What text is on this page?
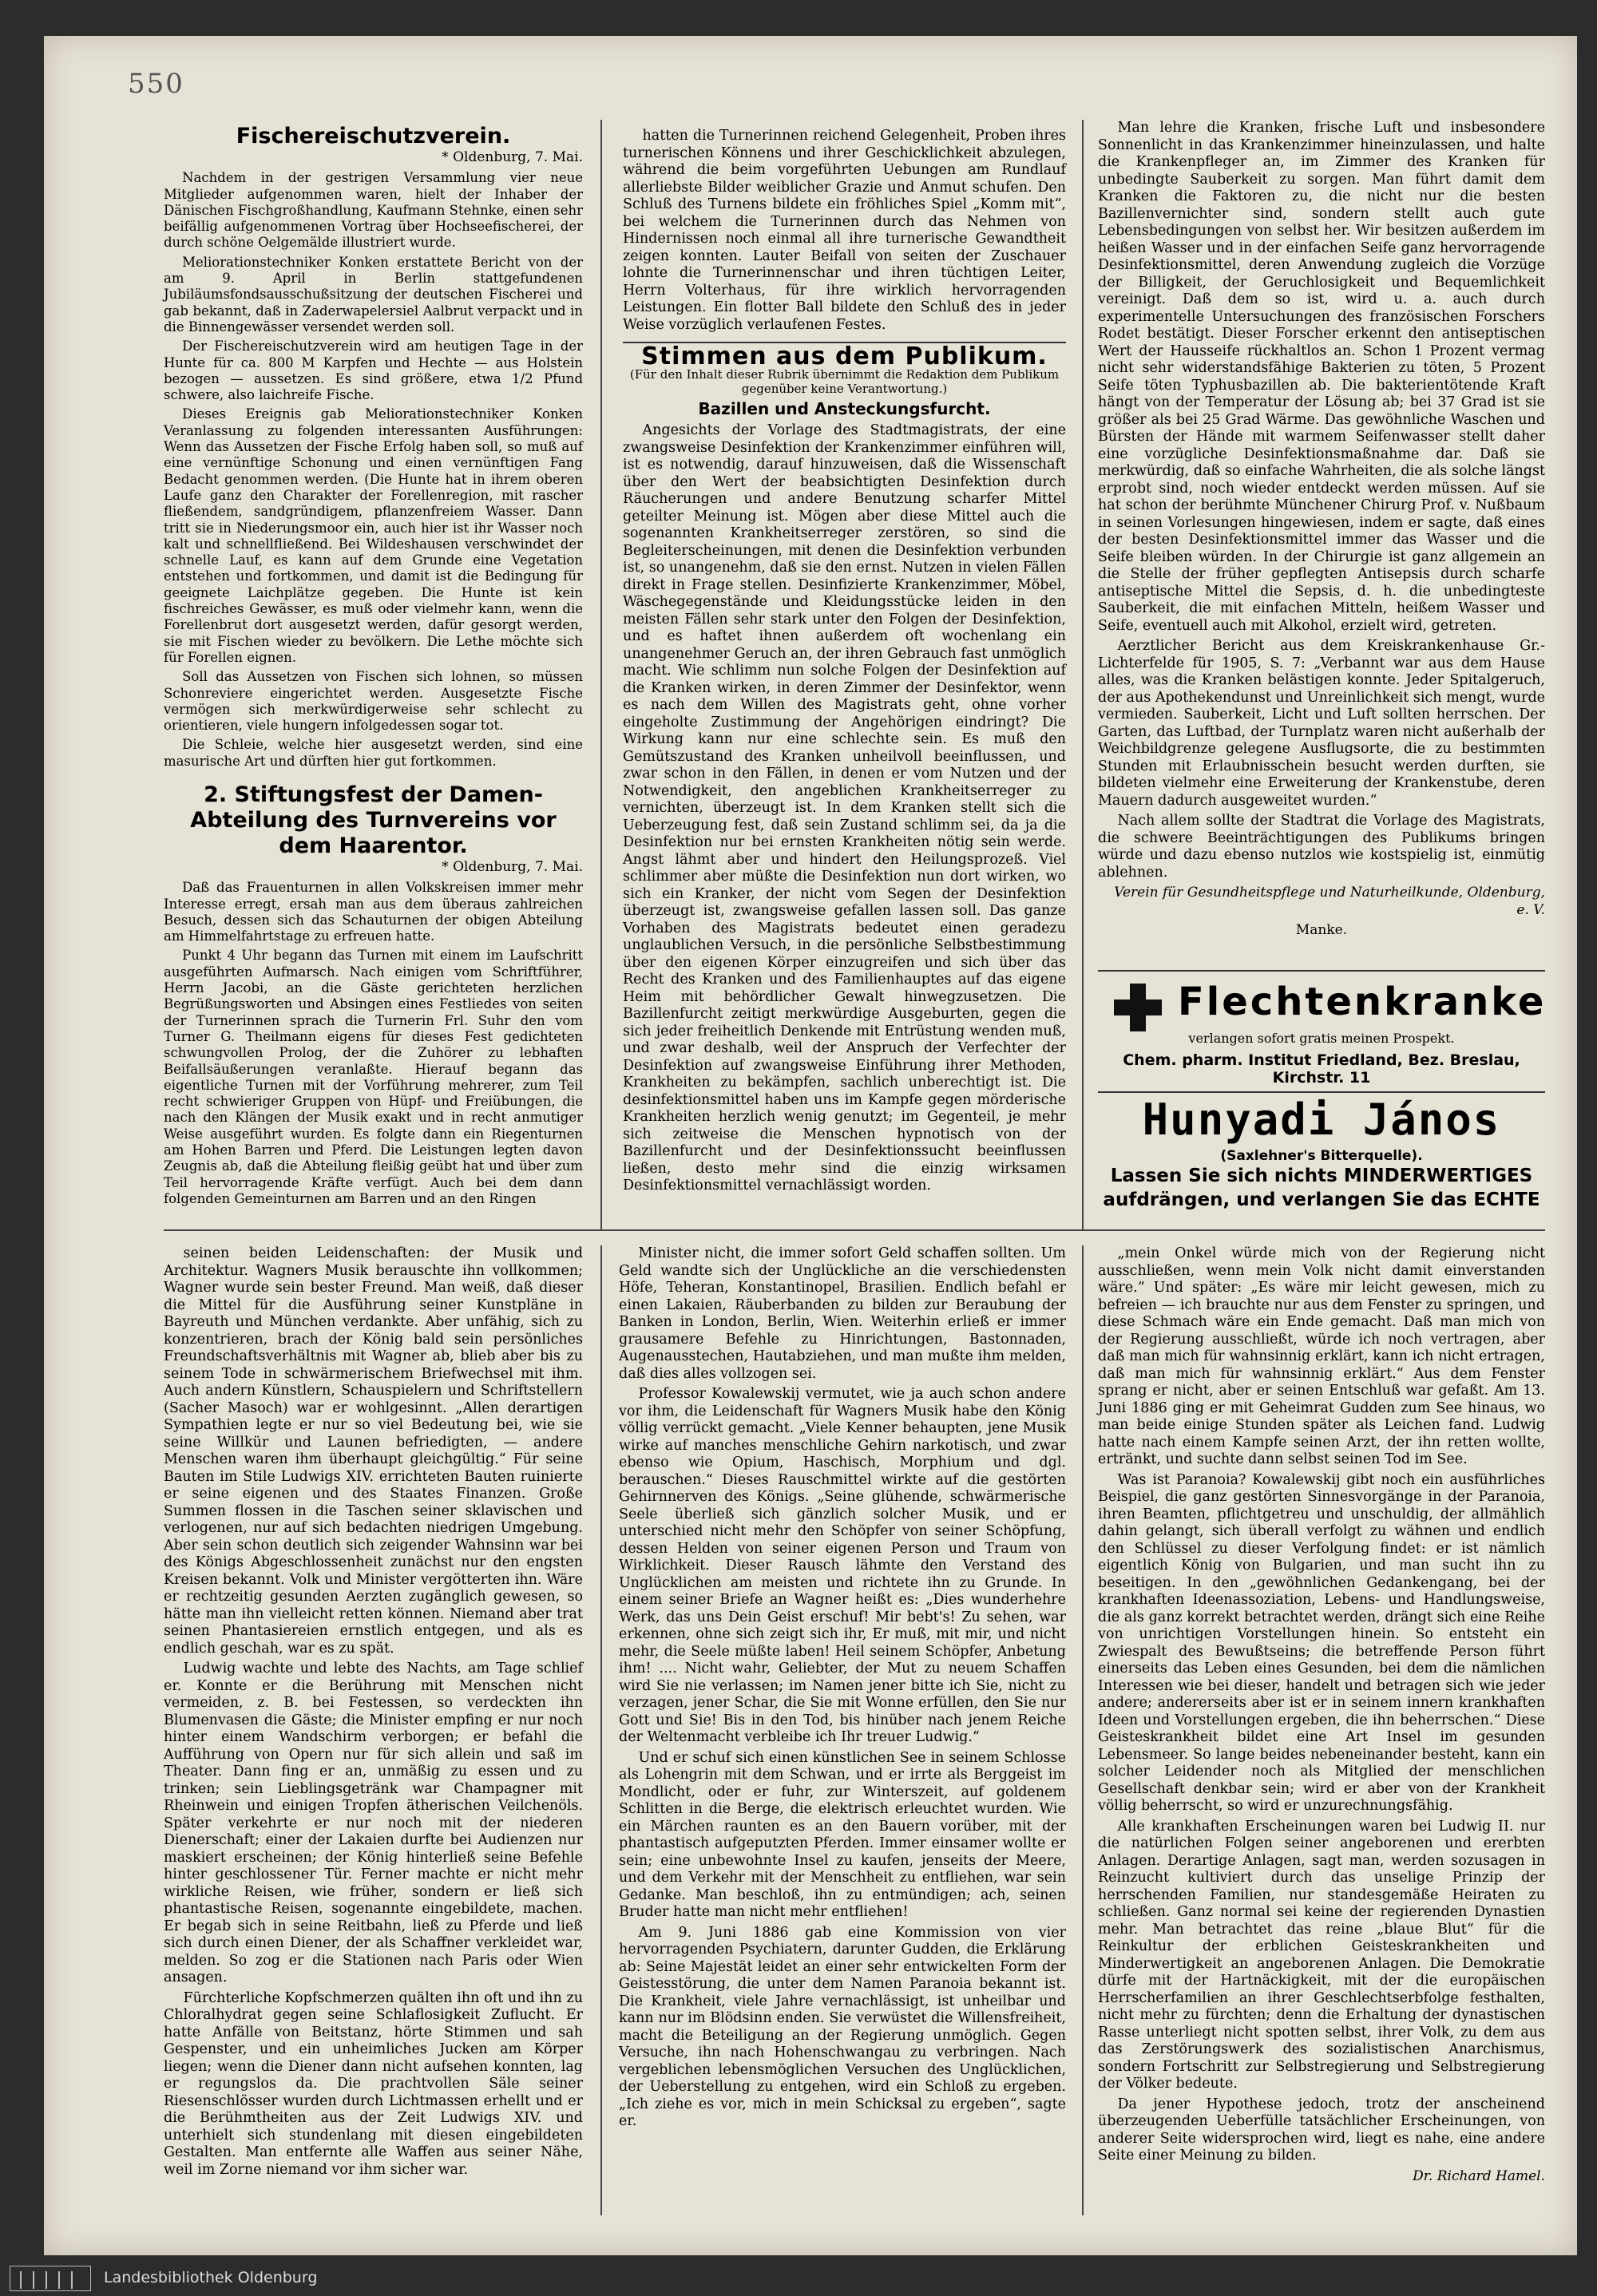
550
Fischereischutzverein.
* Oldenburg, 7. Mai.

Nachdem in der gestrigen Versammlung vier neue Mitglieder aufgenommen waren, hielt der Inhaber der Dänischen Fischgroßhandlung, Kaufmann Stehnke, einen sehr beifällig aufgenommenen Vortrag über Hochseefischerei, der durch schöne Oelgemälde illustriert wurde.

Meliorationstechniker Konken erstattete Bericht von der am 9. April in Berlin stattgefundenen Jubiläumsfondsausschußsitzung der deutschen Fischerei und gab bekannt, daß in Zaderwapelersiel Aalbrut verpackt und in die Binnengewässer versendet werden soll.

Der Fischereischutzverein wird am heutigen Tage in der Hunte für ca. 800 M Karpfen und Hechte — aus Holstein bezogen — aussetzen. Es sind größere, etwa 1/2 Pfund schwere, also laichreife Fische.

Dieses Ereignis gab Meliorationstechniker Konken Veranlassung zu folgenden interessanten Ausführungen: Wenn das Aussetzen der Fische Erfolg haben soll, so muß auf eine vernünftige Schonung und einen vernünftigen Fang Bedacht genommen werden. (Die Hunte hat in ihrem oberen Laufe ganz den Charakter der Forellenregion, mit rascher fließendem, sandgründigem, pflanzenfreiem Wasser. Dann tritt sie in Niederungsmoor ein, auch hier ist ihr Wasser noch kalt und schnellfließend. Bei Wildeshausen verschwindet der schnelle Lauf, es kann auf dem Grunde eine Vegetation entstehen und fortkommen, und damit ist die Bedingung für geeignete Laichplätze gegeben. Die Hunte ist kein fischreiches Gewässer, es muß oder vielmehr kann, wenn die Forellenbrut dort ausgesetzt werden, dafür gesorgt werden, sie mit Fischen wieder zu bevölkern. Die Lethe möchte sich für Forellen eignen.

Soll das Aussetzen von Fischen sich lohnen, so müssen Schonreviere eingerichtet werden. Ausgesetzte Fische vermögen sich merkwürdigerweise sehr schlecht zu orientieren, viele hungern infolgedessen sogar tot.

Die Schleie, welche hier ausgesetzt werden, sind eine masurische Art und dürften hier gut fortkommen.

2. Stiftungsfest der Damen-Abteilung des Turnvereins vor dem Haarentor.
* Oldenburg, 7. Mai.

Daß das Frauenturnen in allen Volkskreisen immer mehr Interesse erregt, ersah man aus dem überaus zahlreichen Besuch, dessen sich das Schauturnen der obigen Abteilung am Himmelfahrtstage zu erfreuen hatte.

Punkt 4 Uhr begann das Turnen mit einem im Laufschritt ausgeführten Aufmarsch. Nach einigen vom Schriftführer, Herrn Jacobi, an die Gäste gerichteten herzlichen Begrüßungsworten und Absingen eines Festliedes von seiten der Turnerinnen sprach die Turnerin Frl. Suhr den vom Turner G. Theilmann eigens für dieses Fest gedichteten schwungvollen Prolog, der die Zuhörer zu lebhaften Beifallsäußerungen veranlaßte. Hierauf begann das eigentliche Turnen mit der Vorführung mehrerer, zum Teil recht schwieriger Gruppen von Hüpf- und Freiübungen, die nach den Klängen der Musik exakt und in recht anmutiger Weise ausgeführt wurden. Es folgte dann ein Riegenturnen am Hohen Barren und Pferd. Die Leistungen legten davon Zeugnis ab, daß die Abteilung fleißig geübt hat und über zum Teil hervorragende Kräfte verfügt. Auch bei dem dann folgenden Gemeinturnen am Barren und an den Ringen

hatten die Turnerinnen reichend Gelegenheit, Proben ihres turnerischen Könnens und ihrer Geschicklichkeit abzulegen, während die beim vorgeführten Uebungen am Rundlauf allerliebste Bilder weiblicher Grazie und Anmut schufen. Den Schluß des Turnens bildete ein fröhliches Spiel „Komm mit“, bei welchem die Turnerinnen durch das Nehmen von Hindernissen noch einmal all ihre turnerische Gewandtheit zeigen konnten. Lauter Beifall von seiten der Zuschauer lohnte die Turnerinnenschar und ihren tüchtigen Leiter, Herrn Volterhaus, für ihre wirklich hervorragenden Leistungen. Ein flotter Ball bildete den Schluß des in jeder Weise vorzüglich verlaufenen Festes.

Stimmen aus dem Publikum.
(Für den Inhalt dieser Rubrik übernimmt die Redaktion dem Publikum gegenüber keine Verantwortung.)
Bazillen und Ansteckungsfurcht.

Angesichts der Vorlage des Stadtmagistrats, der eine zwangsweise Desinfektion der Krankenzimmer einführen will, ist es notwendig, darauf hinzuweisen, daß die Wissenschaft über den Wert der beabsichtigten Desinfektion durch Räucherungen und andere Benutzung scharfer Mittel geteilter Meinung ist. Mögen aber diese Mittel auch die sogenannten Krankheitserreger zerstören, so sind die Begleiterscheinungen, mit denen die Desinfektion verbunden ist, so unangenehm, daß sie den ernst. Nutzen in vielen Fällen direkt in Frage stellen. Desinfizierte Krankenzimmer, Möbel, Wäschegegenstände und Kleidungsstücke leiden in den meisten Fällen sehr stark unter den Folgen der Desinfektion, und es haftet ihnen außerdem oft wochenlang ein unangenehmer Geruch an, der ihren Gebrauch fast unmöglich macht. Wie schlimm nun solche Folgen der Desinfektion auf die Kranken wirken, in deren Zimmer der Desinfektor, wenn es nach dem Willen des Magistrats geht, ohne vorher eingeholte Zustimmung der Angehörigen eindringt? Die Wirkung kann nur eine schlechte sein. Es muß den Gemütszustand des Kranken unheilvoll beeinflussen, und zwar schon in den Fällen, in denen er vom Nutzen und der Notwendigkeit, den angeblichen Krankheitserreger zu vernichten, überzeugt ist. In dem Kranken stellt sich die Ueberzeugung fest, daß sein Zustand schlimm sei, da ja die Desinfektion nur bei ernsten Krankheiten nötig sein werde. Angst lähmt aber und hindert den Heilungsprozeß. Viel schlimmer aber müßte die Desinfektion nun dort wirken, wo sich ein Kranker, der nicht vom Segen der Desinfektion überzeugt ist, zwangsweise gefallen lassen soll. Das ganze Vorhaben des Magistrats bedeutet einen geradezu unglaublichen Versuch, in die persönliche Selbstbestimmung über den eigenen Körper einzugreifen und sich über das Recht des Kranken und des Familienhauptes auf das eigene Heim mit behördlicher Gewalt hinwegzusetzen. Die Bazillenfurcht zeitigt merkwürdige Ausgeburten, gegen die sich jeder freiheitlich Denkende mit Entrüstung wenden muß, und zwar deshalb, weil der Anspruch der Verfechter der Desinfektion auf zwangsweise Einführung ihrer Methoden, Krankheiten zu bekämpfen, sachlich unberechtigt ist. Die desinfektionsmittel haben uns im Kampfe gegen mörderische Krankheiten herzlich wenig genutzt; im Gegenteil, je mehr sich zeitweise die Menschen hypnotisch von der Bazillenfurcht und der Desinfektionssucht beeinflussen ließen, desto mehr sind die einzig wirksamen Desinfektionsmittel vernachlässigt worden.

Man lehre die Kranken, frische Luft und insbesondere Sonnenlicht in das Krankenzimmer hineinzulassen, und halte die Krankenpfleger an, im Zimmer des Kranken für unbedingte Sauberkeit zu sorgen. Man führt damit dem Kranken die Faktoren zu, die nicht nur die besten Bazillenvernichter sind, sondern stellt auch gute Lebensbedingungen von selbst her. Wir besitzen außerdem im heißen Wasser und in der einfachen Seife ganz hervorragende Desinfektionsmittel, deren Anwendung zugleich die Vorzüge der Billigkeit, der Geruchlosigkeit und Bequemlichkeit vereinigt. Daß dem so ist, wird u. a. auch durch experimentelle Untersuchungen des französischen Forschers Rodet bestätigt. Dieser Forscher erkennt den antiseptischen Wert der Hausseife rückhaltlos an. Schon 1 Prozent vermag nicht sehr widerstandsfähige Bakterien zu töten, 5 Prozent Seife töten Typhusbazillen ab. Die bakterientötende Kraft hängt von der Temperatur der Lösung ab; bei 37 Grad ist sie größer als bei 25 Grad Wärme. Das gewöhnliche Waschen und Bürsten der Hände mit warmem Seifenwasser stellt daher eine vorzügliche Desinfektionsmaßnahme dar. Daß sie merkwürdig, daß so einfache Wahrheiten, die als solche längst erprobt sind, noch wieder entdeckt werden müssen. Auf sie hat schon der berühmte Münchener Chirurg Prof. v. Nußbaum in seinen Vorlesungen hingewiesen, indem er sagte, daß eines der besten Desinfektionsmittel immer das Wasser und die Seife bleiben würden. In der Chirurgie ist ganz allgemein an die Stelle der früher gepflegten Antisepsis durch scharfe antiseptische Mittel die Sepsis, d. h. die unbedingteste Sauberkeit, die mit einfachen Mitteln, heißem Wasser und Seife, eventuell auch mit Alkohol, erzielt wird, getreten.

Aerztlicher Bericht aus dem Kreiskrankenhause Gr.-Lichterfelde für 1905, S. 7: „Verbannt war aus dem Hause alles, was die Kranken belästigen konnte. Jeder Spitalgeruch, der aus Apothekendunst und Unreinlichkeit sich mengt, wurde vermieden. Sauberkeit, Licht und Luft sollten herrschen. Der Garten, das Luftbad, der Turnplatz waren nicht außerhalb der Weichbildgrenze gelegene Ausflugsorte, die zu bestimmten Stunden mit Erlaubnisschein besucht werden durften, sie bildeten vielmehr eine Erweiterung der Krankenstube, deren Mauern dadurch ausgeweitet wurden.“

Nach allem sollte der Stadtrat die Vorlage des Magistrats, die schwere Beeinträchtigungen des Publikums bringen würde und dazu ebenso nutzlos wie kostspielig ist, einmütig ablehnen.

Verein für Gesundheitspflege und Naturheilkunde, Oldenburg, e. V.
Manke.
Flechtenkranke
verlangen sofort gratis meinen Prospekt.
Chem. pharm. Institut Friedland, Bez. Breslau, Kirchstr. 11
Hunyadi János
(Saxlehner's Bitterquelle).
Lassen Sie sich nichts MINDERWERTIGES
aufdrängen, und verlangen Sie das ECHTE

seinen beiden Leidenschaften: der Musik und Architektur. Wagners Musik berauschte ihn vollkommen; Wagner wurde sein bester Freund. Man weiß, daß dieser die Mittel für die Ausführung seiner Kunstpläne in Bayreuth und München verdankte. Aber unfähig, sich zu konzentrieren, brach der König bald sein persönliches Freundschaftsverhältnis mit Wagner ab, blieb aber bis zu seinem Tode in schwärmerischem Briefwechsel mit ihm. Auch andern Künstlern, Schauspielern und Schriftstellern (Sacher Masoch) war er wohlgesinnt. „Allen derartigen Sympathien legte er nur so viel Bedeutung bei, wie sie seine Willkür und Launen befriedigten, — andere Menschen waren ihm überhaupt gleichgültig.“ Für seine Bauten im Stile Ludwigs XIV. errichteten Bauten ruinierte er seine eigenen und des Staates Finanzen. Große Summen flossen in die Taschen seiner sklavischen und verlogenen, nur auf sich bedachten niedrigen Umgebung. Aber sein schon deutlich sich zeigender Wahnsinn war bei des Königs Abgeschlossenheit zunächst nur den engsten Kreisen bekannt. Volk und Minister vergötterten ihn. Wäre er rechtzeitig gesunden Aerzten zugänglich gewesen, so hätte man ihn vielleicht retten können. Niemand aber trat seinen Phantasiereien ernstlich entgegen, und als es endlich geschah, war es zu spät.

Ludwig wachte und lebte des Nachts, am Tage schlief er. Konnte er die Berührung mit Menschen nicht vermeiden, z. B. bei Festessen, so verdeckten ihn Blumenvasen die Gäste; die Minister empfing er nur noch hinter einem Wandschirm verborgen; er befahl die Aufführung von Opern nur für sich allein und saß im Theater. Dann fing er an, unmäßig zu essen und zu trinken; sein Lieblingsgetränk war Champagner mit Rheinwein und einigen Tropfen ätherischen Veilchenöls. Später verkehrte er nur noch mit der niederen Dienerschaft; einer der Lakaien durfte bei Audienzen nur maskiert erscheinen; der König hinterließ seine Befehle hinter geschlossener Tür. Ferner machte er nicht mehr wirkliche Reisen, wie früher, sondern er ließ sich phantastische Reisen, sogenannte eingebildete, machen. Er begab sich in seine Reitbahn, ließ zu Pferde und ließ sich durch einen Diener, der als Schaffner verkleidet war, melden. So zog er die Stationen nach Paris oder Wien ansagen.

Fürchterliche Kopfschmerzen quälten ihn oft und ihn zu Chloralhydrat gegen seine Schlaflosigkeit Zuflucht. Er hatte Anfälle von Beitstanz, hörte Stimmen und sah Gespenster, und ein unheimliches Jucken am Körper liegen; wenn die Diener dann nicht aufsehen konnten, lag er regungslos da. Die prachtvollen Säle seiner Riesenschlösser wurden durch Lichtmassen erhellt und er die Berühmtheiten aus der Zeit Ludwigs XIV. und unterhielt sich stundenlang mit diesen eingebildeten Gestalten. Man entfernte alle Waffen aus seiner Nähe, weil im Zorne niemand vor ihm sicher war.

Minister nicht, die immer sofort Geld schaffen sollten. Um Geld wandte sich der Unglückliche an die verschiedensten Höfe, Teheran, Konstantinopel, Brasilien. Endlich befahl er einen Lakaien, Räuberbanden zu bilden zur Beraubung der Banken in London, Berlin, Wien. Weiterhin erließ er immer grausamere Befehle zu Hinrichtungen, Bastonnaden, Augenausstechen, Hautabziehen, und man mußte ihm melden, daß dies alles vollzogen sei.

Professor Kowalewskij vermutet, wie ja auch schon andere vor ihm, die Leidenschaft für Wagners Musik habe den König völlig verrückt gemacht. „Viele Kenner behaupten, jene Musik wirke auf manches menschliche Gehirn narkotisch, und zwar ebenso wie Opium, Haschisch, Morphium und dgl. berauschen.“ Dieses Rauschmittel wirkte auf die gestörten Gehirnnerven des Königs. „Seine glühende, schwärmerische Seele überließ sich gänzlich solcher Musik, und er unterschied nicht mehr den Schöpfer von seiner Schöpfung, dessen Helden von seiner eigenen Person und Traum von Wirklichkeit. Dieser Rausch lähmte den Verstand des Unglücklichen am meisten und richtete ihn zu Grunde. In einem seiner Briefe an Wagner heißt es: „Dies wunderhehre Werk, das uns Dein Geist erschuf! Mir bebt's! Zu sehen, war erkennen, ohne sich zeigt sich ihr, Er muß, mit mir, und nicht mehr, die Seele müßte laben! Heil seinem Schöpfer, Anbetung ihm! .... Nicht wahr, Geliebter, der Mut zu neuem Schaffen wird Sie nie verlassen; im Namen jener bitte ich Sie, nicht zu verzagen, jener Schar, die Sie mit Wonne erfüllen, den Sie nur Gott und Sie! Bis in den Tod, bis hinüber nach jenem Reiche der Weltenmacht verbleibe ich Ihr treuer Ludwig.“

Und er schuf sich einen künstlichen See in seinem Schlosse als Lohengrin mit dem Schwan, und er irrte als Berggeist im Mondlicht, oder er fuhr, zur Winterszeit, auf goldenem Schlitten in die Berge, die elektrisch erleuchtet wurden. Wie ein Märchen raunten es an den Bauern vorüber, mit der phantastisch aufgeputzten Pferden. Immer einsamer wollte er sein; eine unbewohnte Insel zu kaufen, jenseits der Meere, und dem Verkehr mit der Menschheit zu entfliehen, war sein Gedanke. Man beschloß, ihn zu entmündigen; ach, seinen Bruder hatte man nicht mehr entfliehen!

Am 9. Juni 1886 gab eine Kommission von vier hervorragenden Psychiatern, darunter Gudden, die Erklärung ab: Seine Majestät leidet an einer sehr entwickelten Form der Geistesstörung, die unter dem Namen Paranoia bekannt ist. Die Krankheit, viele Jahre vernachlässigt, ist unheilbar und kann nur im Blödsinn enden. Sie verwüstet die Willensfreiheit, macht die Beteiligung an der Regierung unmöglich. Gegen Versuche, ihn nach Hohenschwangau zu verbringen. Nach vergeblichen lebensmöglichen Versuchen des Unglücklichen, der Ueberstellung zu entgehen, wird ein Schloß zu ergeben. „Ich ziehe es vor, mich in mein Schicksal zu ergeben“, sagte er.

„mein Onkel würde mich von der Regierung nicht ausschließen, wenn mein Volk nicht damit einverstanden wäre.“ Und später: „Es wäre mir leicht gewesen, mich zu befreien — ich brauchte nur aus dem Fenster zu springen, und diese Schmach wäre ein Ende gemacht. Daß man mich von der Regierung ausschließt, würde ich noch vertragen, aber daß man mich für wahnsinnig erklärt, kann ich nicht ertragen, daß man mich für wahnsinnig erklärt.“ Aus dem Fenster sprang er nicht, aber er seinen Entschluß war gefaßt. Am 13. Juni 1886 ging er mit Geheimrat Gudden zum See hinaus, wo man beide einige Stunden später als Leichen fand. Ludwig hatte nach einem Kampfe seinen Arzt, der ihn retten wollte, ertränkt, und suchte dann selbst seinen Tod im See.

Was ist Paranoia? Kowalewskij gibt noch ein ausführliches Beispiel, die ganz gestörten Sinnesvorgänge in der Paranoia, ihren Beamten, pflichtgetreu und unschuldig, der allmählich dahin gelangt, sich überall verfolgt zu wähnen und endlich den Schlüssel zu dieser Verfolgung findet: er ist nämlich eigentlich König von Bulgarien, und man sucht ihn zu beseitigen. In den „gewöhnlichen Gedankengang, bei der krankhaften Ideenassoziation, Lebens- und Handlungsweise, die als ganz korrekt betrachtet werden, drängt sich eine Reihe von unrichtigen Vorstellungen hinein. So entsteht ein Zwiespalt des Bewußtseins; die betreffende Person führt einerseits das Leben eines Gesunden, bei dem die nämlichen Interessen wie bei dieser, handelt und betragen sich wie jeder andere; andererseits aber ist er in seinem innern krankhaften Ideen und Vorstellungen ergeben, die ihn beherrschen.“ Diese Geisteskrankheit bildet eine Art Insel im gesunden Lebensmeer. So lange beides nebeneinander besteht, kann ein solcher Leidender noch als Mitglied der menschlichen Gesellschaft denkbar sein; wird er aber von der Krankheit völlig beherrscht, so wird er unzurechnungsfähig.

Alle krankhaften Erscheinungen waren bei Ludwig II. nur die natürlichen Folgen seiner angeborenen und ererbten Anlagen. Derartige Anlagen, sagt man, werden sozusagen in Reinzucht kultiviert durch das unselige Prinzip der herrschenden Familien, nur standesgemäße Heiraten zu schließen. Ganz normal sei keine der regierenden Dynastien mehr. Man betrachtet das reine „blaue Blut“ für die Reinkultur der erblichen Geisteskrankheiten und Minderwertigkeit an angeborenen Anlagen. Die Demokratie dürfe mit der Hartnäckigkeit, mit der die europäischen Herrscherfamilien an ihrer Geschlechtserbfolge festhalten, nicht mehr zu fürchten; denn die Erhaltung der dynastischen Rasse unterliegt nicht spotten selbst, ihrer Volk, zu dem aus das Zerstörungswerk des sozialistischen Anarchismus, sondern Fortschritt zur Selbstregierung und Selbstregierung der Völker bedeute.

Da jener Hypothese jedoch, trotz der anscheinend überzeugenden Ueberfülle tatsächlicher Erscheinungen, von anderer Seite widersprochen wird, liegt es nahe, eine andere Seite einer Meinung zu bilden.

Dr. Richard Hamel.
Landesbibliothek Oldenburg
